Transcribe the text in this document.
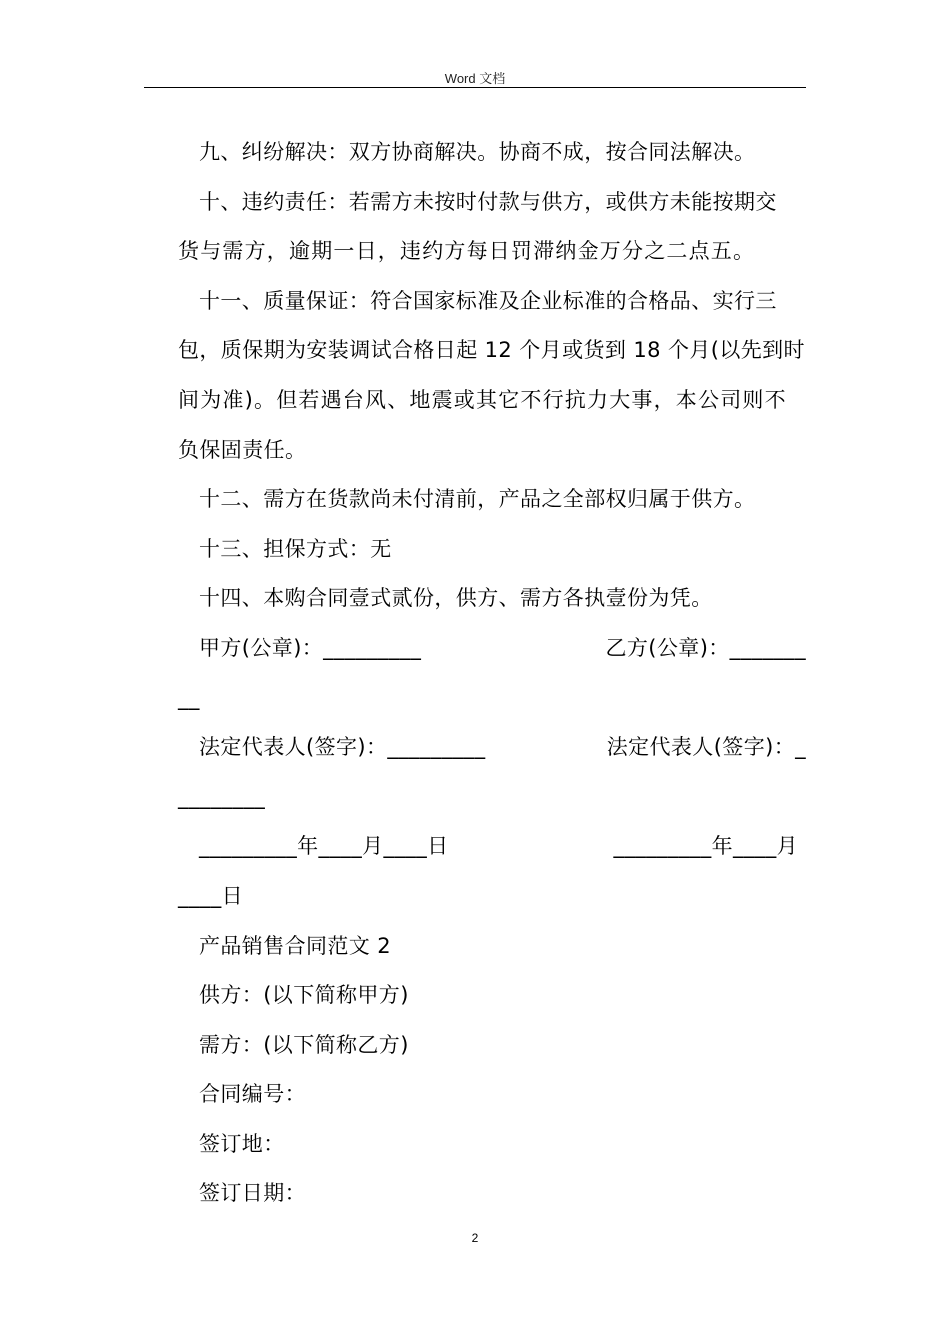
Word 文档
九、纠纷解决：双方协商解决。协商不成，按合同法解决。
十、违约责任：若需方未按时付款与供方，或供方未能按期交
货与需方，逾期一日，违约方每日罚滞纳金万分之二点五。
十一、质量保证：符合国家标准及企业标准的合格品、实行三
包，质保期为安装调试合格日起 12 个月或货到 18 个月(以先到时
间为准)。但若遇台风、地震或其它不行抗力大事，本公司则不
负保固责任。
十二、需方在货款尚未付清前，产品之全部权归属于供方。
十三、担保方式：无
十四、本购合同壹式贰份，供方、需方各执壹份为凭。
甲方(公章)：_________	乙方(公章)：_______
__
法定代表人(签字)：_________	法定代表人(签字)：_
________
_________年____月____日	_________年____月
____日
产品销售合同范文 2
供方：(以下简称甲方)
需方：(以下简称乙方)
合同编号：
签订地：
签订日期：
2
